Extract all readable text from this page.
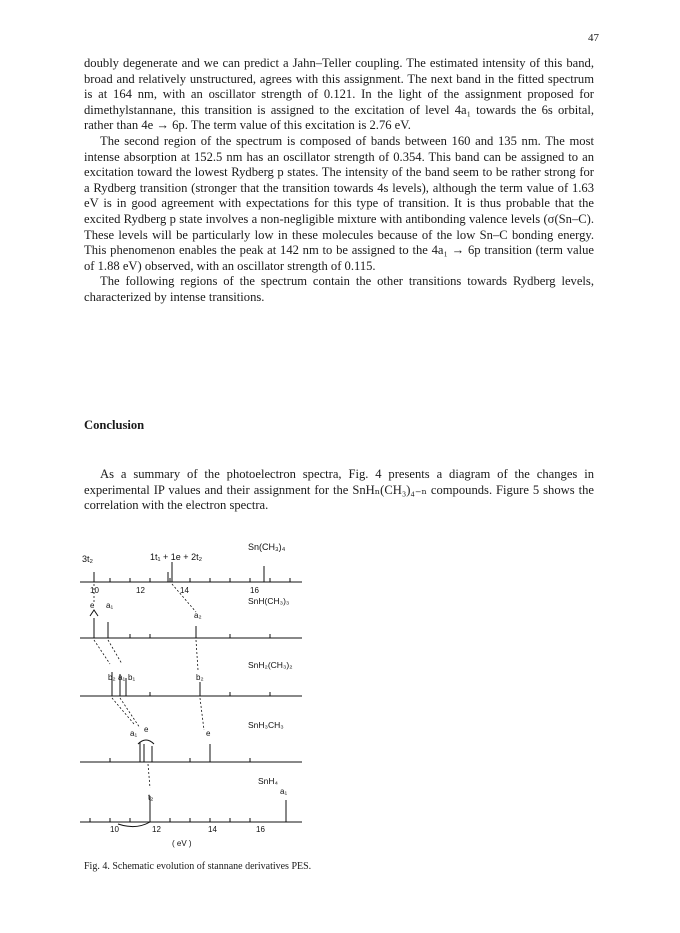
47

doubly degenerate and we can predict a Jahn–Teller coupling. The estimated intensity of this band, broad and relatively unstructured, agrees with this assignment. The next band in the fitted spectrum is at 164 nm, with an oscillator strength of 0.121. In the light of the assignment proposed for dimethylstannane, this transition is assigned to the excitation of level 4a₁ towards the 6s orbital, rather than 4e → 6p. The term value of this excitation is 2.76 eV.

The second region of the spectrum is composed of bands between 160 and 135 nm. The most intense absorption at 152.5 nm has an oscillator strength of 0.354. This band can be assigned to an excitation toward the lowest Rydberg p states. The intensity of the band seem to be rather strong for a Rydberg transition (stronger that the transition towards 4s levels), although the term value of 1.63 eV is in good agreement with expectations for this type of transition. It is thus probable that the excited Rydberg p state involves a non-negligible mixture with antibonding valence levels (σ(Sn–C). These levels will be particularly low in these molecules because of the low Sn–C bonding energy. This phenomenon enables the peak at 142 nm to be assigned to the 4a₁ → 6p transition (term value of 1.88 eV) observed, with an oscillator strength of 0.115.

The following regions of the spectrum contain the other transitions towards Rydberg levels, characterized by intense transitions.

Conclusion
As a summary of the photoelectron spectra, Fig. 4 presents a diagram of the changes in experimental IP values and their assignment for the SnHₙ(CH₃)₄₋ₙ compounds. Figure 5 shows the correlation with the electron spectra.
3t₂	1t₁ + 1e + 2t₂
Sn(CH₃)₄
10	12	14	16
SnH(CH₃)₃
e a₁
a₂
SnH₂(CH₃)₂
b₂ a₁ b₁	b₂
SnH₃CH₃
a₁ e	e
SnH₄
t₂
a₁
10	12	14	16
( eV )
Fig. 4. Schematic evolution of stannane derivatives PES.
